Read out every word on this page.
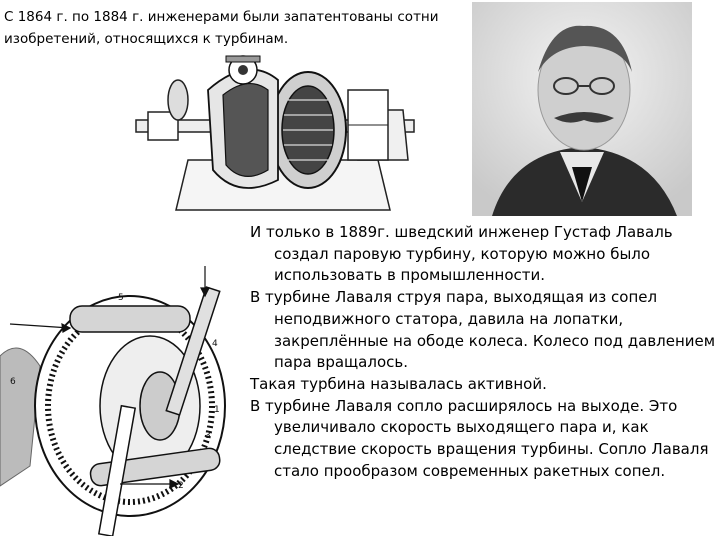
С 1864 г. по 1884 г. инженерами были запатентованы сотни изобретений, относящихся к турбинам.

5
4
6
1
3
2

И только в 1889г. шведский инженер Густаф Лаваль создал паровую турбину, которую можно было использовать в промышленности.

В турбине Лаваля струя пара, выходящая из сопел неподвижного статора, давила на лопатки, закреплённые на ободе колеса. Колесо под давлением пара вращалось.

Такая турбина называлась активной.

В турбине Лаваля сопло расширялось на выходе. Это увеличивало скорость выходящего пара и, как следствие скорость вращения турбины. Сопло Лаваля стало прообразом современных ракетных сопел.
